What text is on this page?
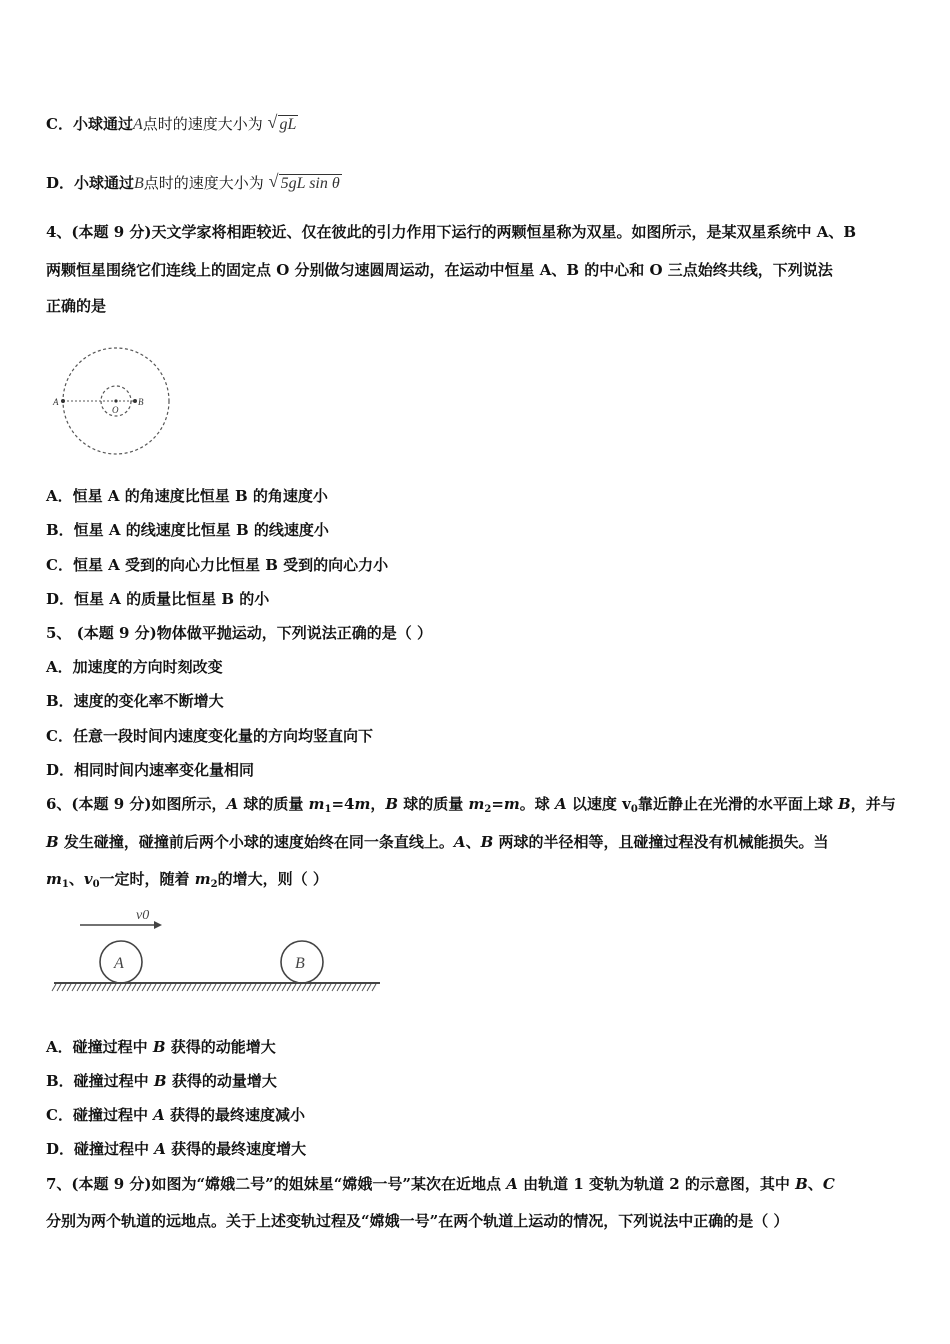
C．小球通过A点时的速度大小为 √ gL
D．小球通过B点时的速度大小为 √ 5gL sin θ
4、(本题 9 分)天文学家将相距较近、仅在彼此的引力作用下运行的两颗恒星称为双星。如图所示，是某双星系统中 A、B
两颗恒星围绕它们连线上的固定点 O 分别做匀速圆周运动，在运动中恒星 A、B 的中心和 O 三点始终共线，下列说法
正确的是
A
O
B
A．恒星 A 的角速度比恒星 B 的角速度小
B．恒星 A 的线速度比恒星 B 的线速度小
C．恒星 A 受到的向心力比恒星 B 受到的向心力小
D．恒星 A 的质量比恒星 B 的小
5、 (本题 9 分)物体做平抛运动，下列说法正确的是（ ）
A．加速度的方向时刻改变
B．速度的变化率不断增大
C．任意一段时间内速度变化量的方向均竖直向下
D．相同时间内速率变化量相同
6、(本题 9 分)如图所示，A 球的质量 $m_1=4m$，B 球的质量 $m_2=m$。球 A 以速度 $v_0$靠近静止在光滑的水平面上球 B，并与
B 发生碰撞，碰撞前后两个小球的速度始终在同一条直线上。A、B 两球的半径相等，且碰撞过程没有机械能损失。当
$m_1$、$v_0$一定时，随着 $m_2$的增大，则（ ）
v0
A	B
A．碰撞过程中 B 获得的动能增大
B．碰撞过程中 B 获得的动量增大
C．碰撞过程中 A 获得的最终速度减小
D．碰撞过程中 A 获得的最终速度增大
7、(本题 9 分)如图为“嫦娥二号”的姐妹星“嫦娥一号”某次在近地点 A 由轨道 1 变轨为轨道 2 的示意图，其中 B、C
分别为两个轨道的远地点。关于上述变轨过程及“嫦娥一号”在两个轨道上运动的情况，下列说法中正确的是（ ）
